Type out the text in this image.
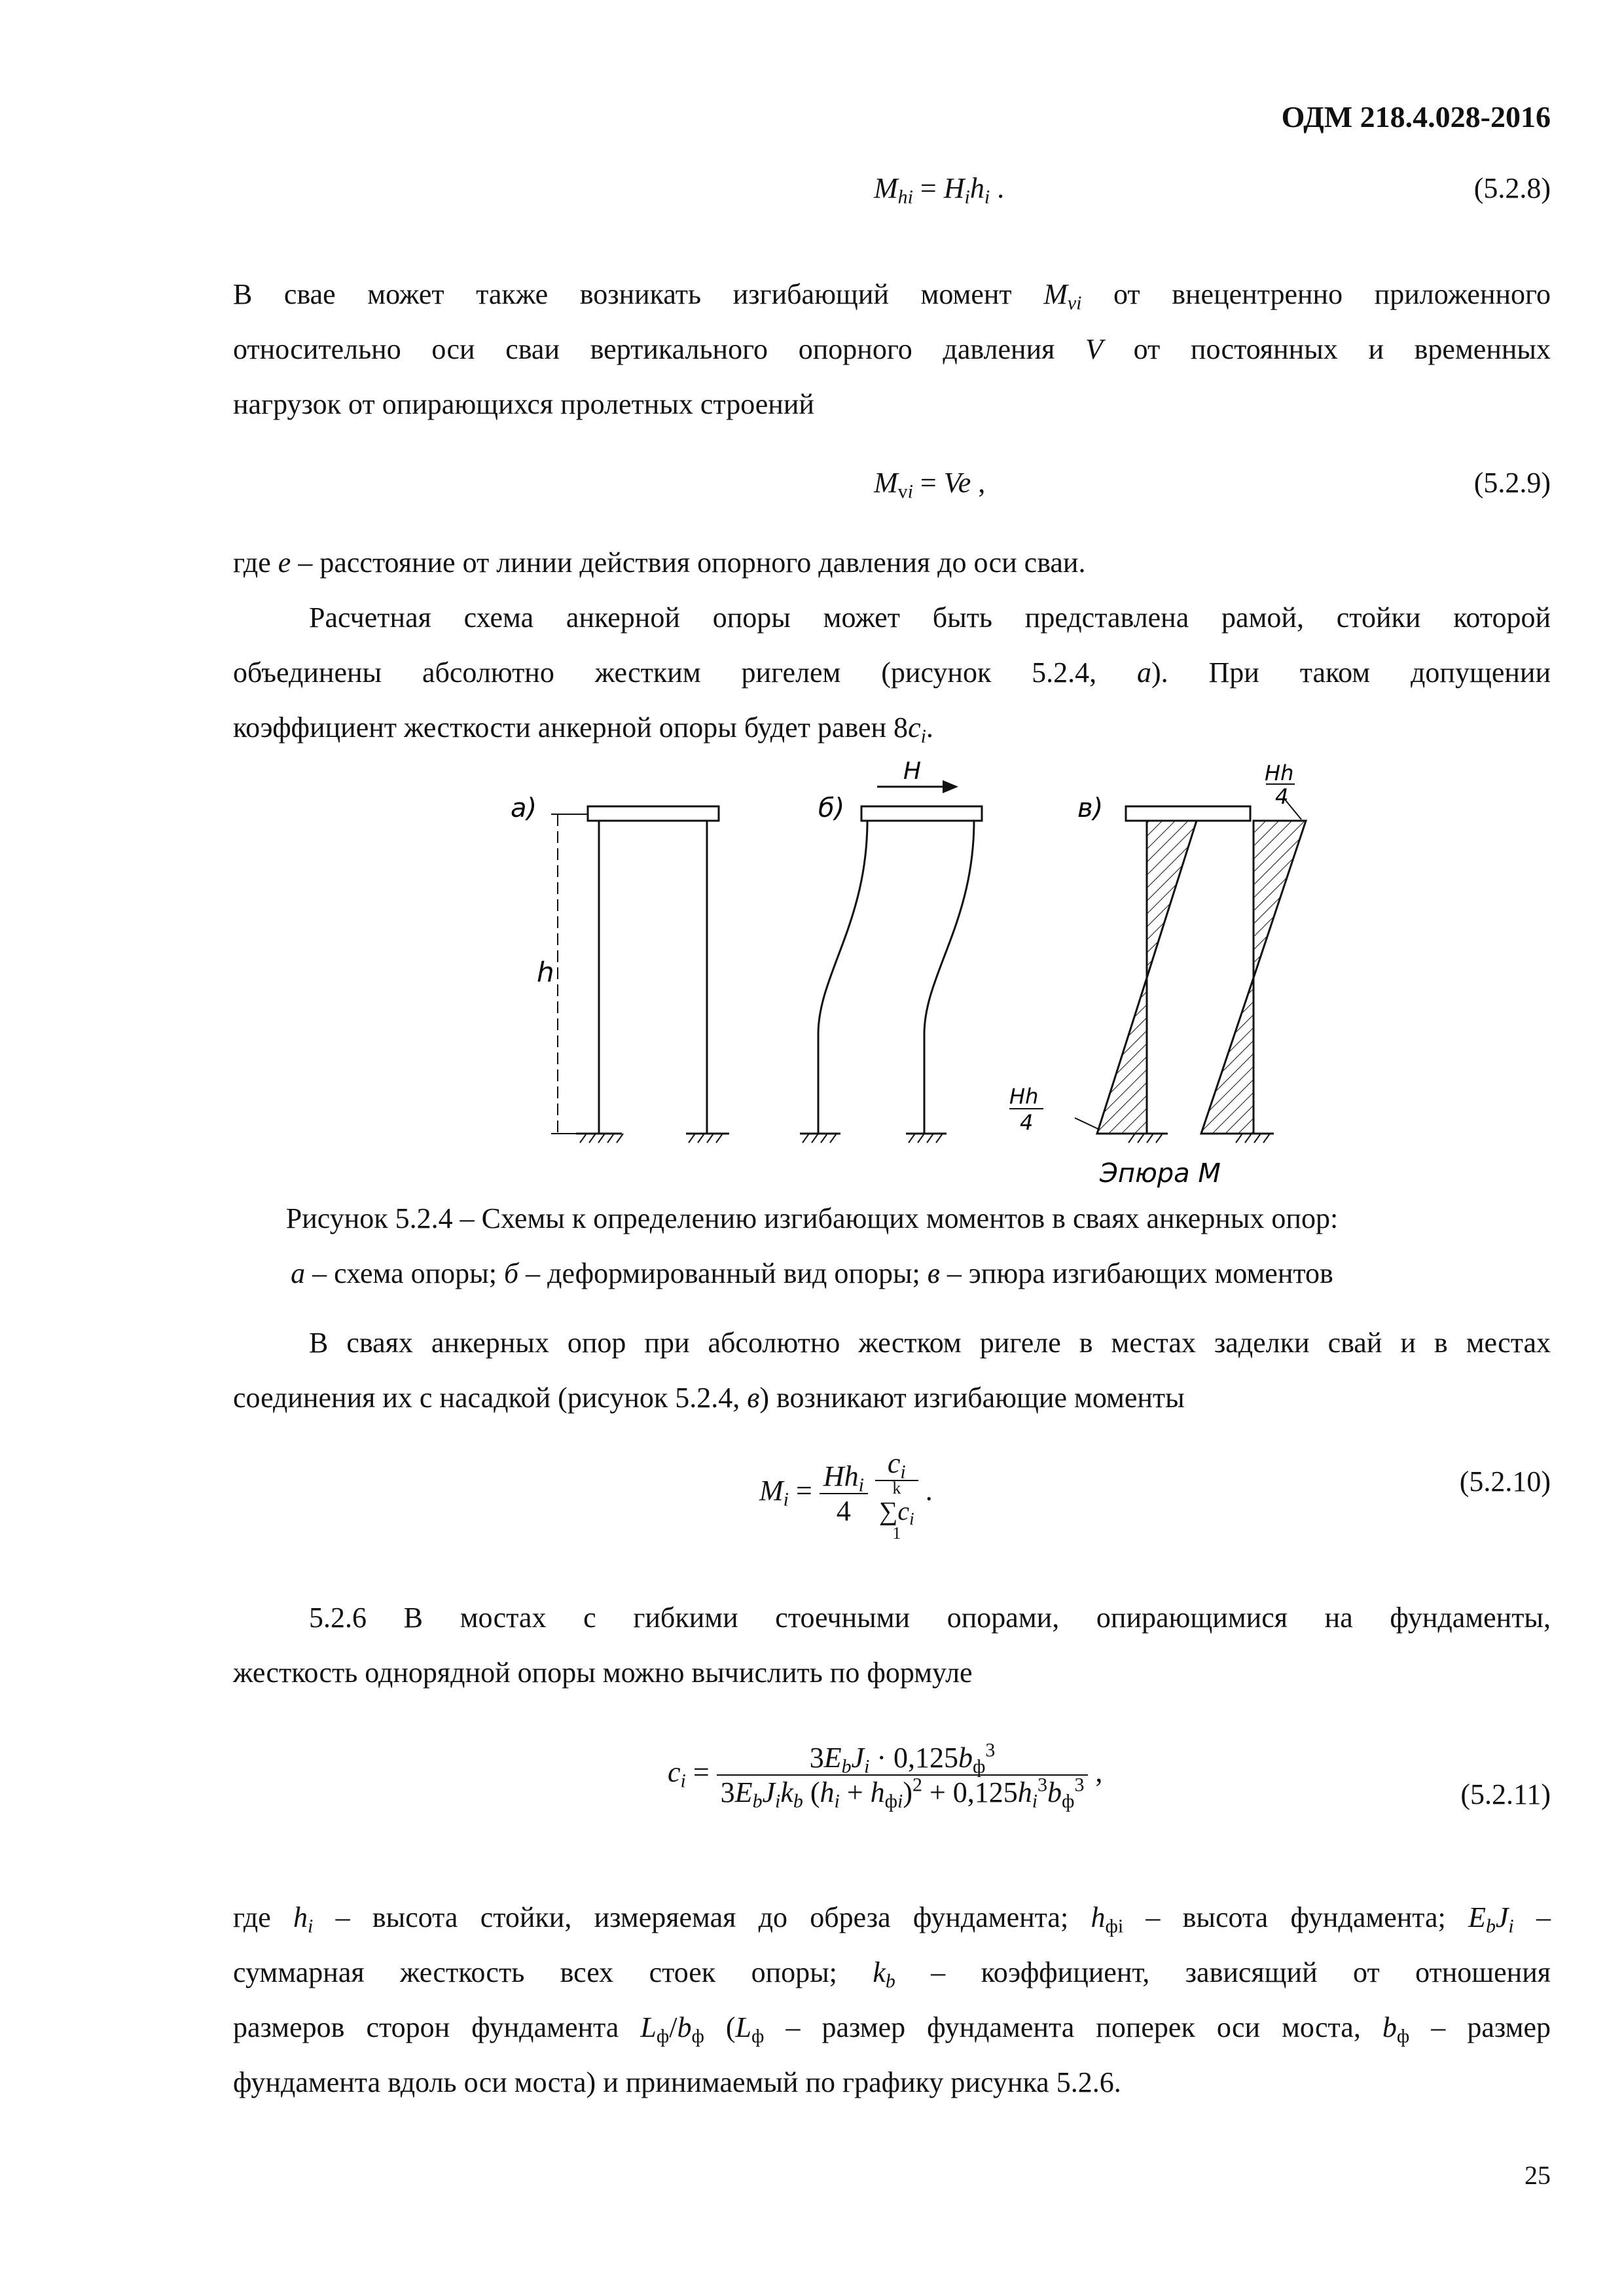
ОДМ 218.4.028-2016
$M_{hi} = H_ih_i$ .	(5.2.8)
В свае может также возникать изгибающий момент $M_{vi}$ от внецентренно приложенного
относительно оси сваи вертикального опорного давления V от постоянных и временных
нагрузок от опирающихся пролетных строений
$M_{vi} = Ve$ ,	(5.2.9)
где е – расстояние от линии действия опорного давления до оси сваи.
Расчетная схема анкерной опоры может быть представлена рамой, стойки которой
объединены абсолютно жестким ригелем (рисунок 5.2.4, а). При таком допущении
коэффициент жесткости анкерной опоры будет равен $8c_i$.
а)	б)	в)
h
H	Hh
4
Hh
4
Эпюра M
Рисунок 5.2.4 – Схемы к определению изгибающих моментов в сваях анкерных опор:
а – схема опоры; б – деформированный вид опоры; в – эпюра изгибающих моментов
В сваях анкерных опор при абсолютно жестком ригеле в местах заделки свай и в местах
соединения их с насадкой (рисунок 5.2.4, в) возникают изгибающие моменты
$M_i = \frac{Hh_i}{4}$
$c_i$
k
$\sum c_i$
1 .	(5.2.10)
5.2.6 В мостах с гибкими стоечными опорами, опирающимися на фундаменты,
жесткость однорядной опоры можно вычислить по формуле
$c_i = \frac{3E_bJ_i \cdot 0,125b_ф^3}{3E_bJ_ik_b (h_i + h_{фi})^2 + 0,125h_i^3b_ф^3}$ ,
(5.2.11)
где $h_i$ – высота стойки, измеряемая до обреза фундамента; $h_{фi}$ – высота фундамента; $E_bJ_i$ –
суммарная жесткость всех стоек опоры; $k_b$ – коэффициент, зависящий от отношения
размеров сторон фундамента $L_ф/b_ф$ ($L_ф$ – размер фундамента поперек оси моста, $b_ф$ – размер
фундамента вдоль оси моста) и принимаемый по графику рисунка 5.2.6.
25
